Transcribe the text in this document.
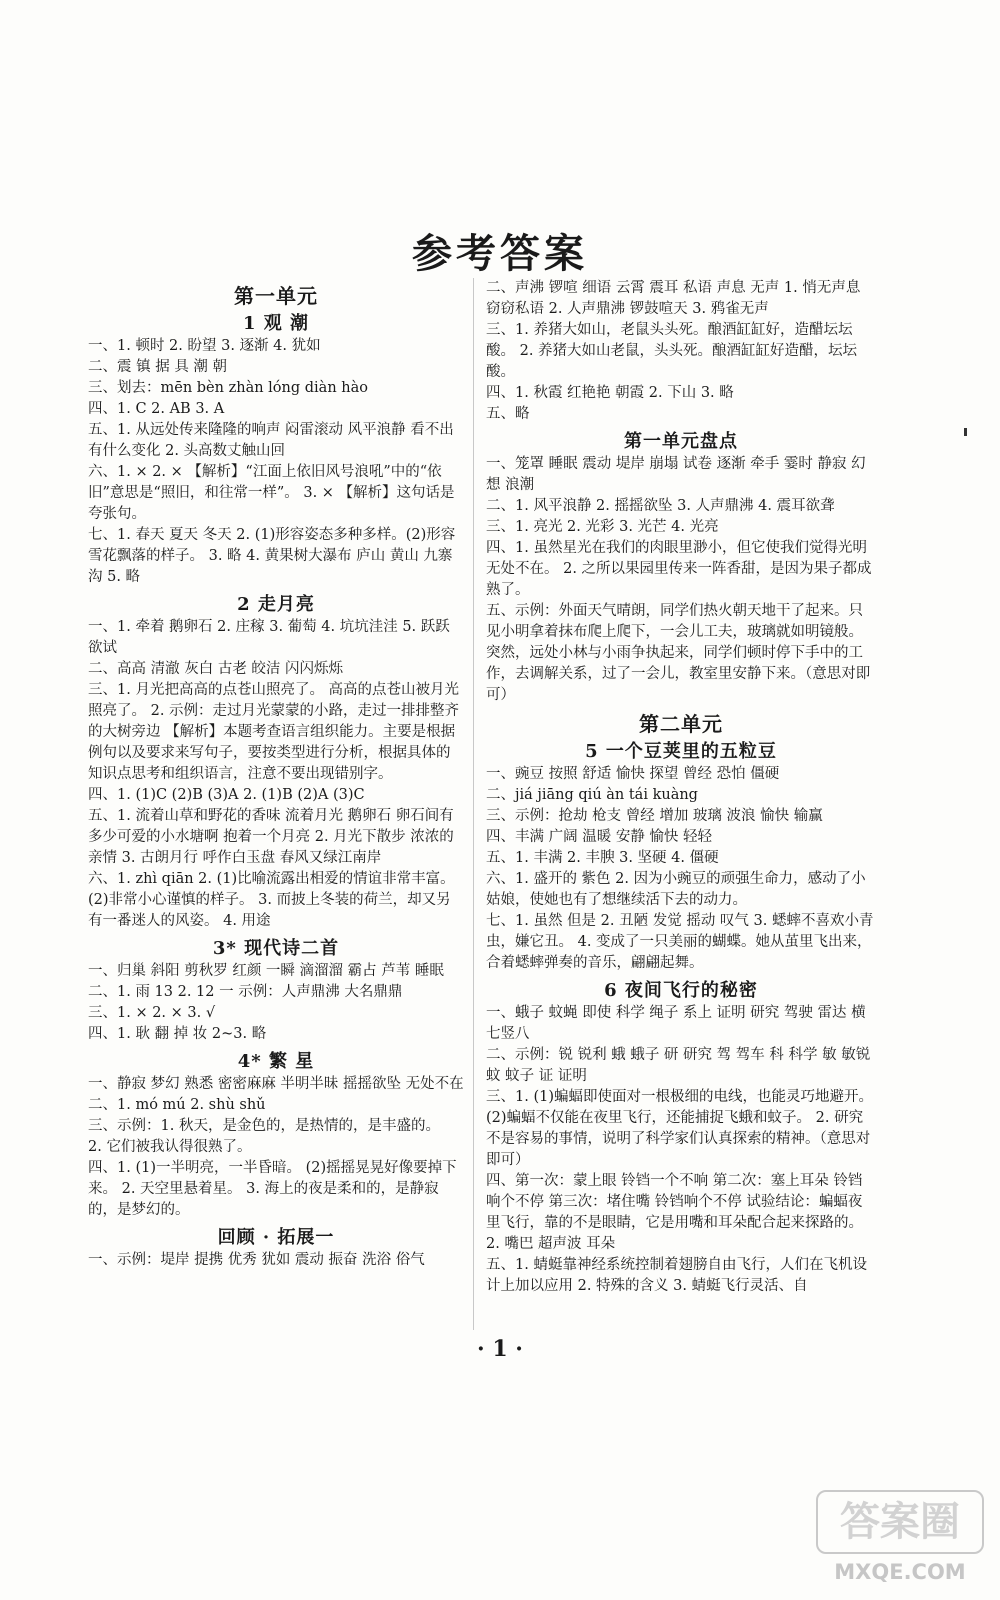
参考答案
第一单元
1 观 潮
一、1. 顿时 2. 盼望 3. 逐渐 4. 犹如
二、震 镇 据 具 潮 朝
三、划去：mēn bèn zhàn lóng diàn hào
四、1. C 2. AB 3. A
五、1. 从远处传来隆隆的响声 闷雷滚动 风平浪静 看不出有什么变化 2. 头高数丈触山回
六、1. × 2. × 【解析】“江面上依旧风号浪吼”中的“依旧”意思是“照旧，和往常一样”。 3. × 【解析】这句话是夸张句。
七、1. 春天 夏天 冬天 2. (1)形容姿态多种多样。(2)形容雪花飘落的样子。 3. 略 4. 黄果树大瀑布 庐山 黄山 九寨沟 5. 略
2 走月亮
一、1. 牵着 鹅卵石 2. 庄稼 3. 葡萄 4. 坑坑洼洼 5. 跃跃欲试
二、高高 清澈 灰白 古老 皎洁 闪闪烁烁
三、1. 月光把高高的点苍山照亮了。 高高的点苍山被月光照亮了。 2. 示例：走过月光蒙蒙的小路，走过一排排整齐的大树旁边 【解析】本题考查语言组织能力。主要是根据例句以及要求来写句子，要按类型进行分析，根据具体的知识点思考和组织语言，注意不要出现错别字。
四、1. (1)C (2)B (3)A 2. (1)B (2)A (3)C
五、1. 流着山草和野花的香味 流着月光 鹅卵石 卵石间有多少可爱的小水塘啊 抱着一个月亮 2. 月光下散步 浓浓的亲情 3. 古朗月行 呼作白玉盘 春风又绿江南岸
六、1. zhì qiān 2. (1)比喻流露出相爱的情谊非常丰富。(2)非常小心谨慎的样子。 3. 而披上冬装的荷兰，却又另有一番迷人的风姿。 4. 用途
3* 现代诗二首
一、归巢 斜阳 剪秋罗 红颜 一瞬 滴溜溜 霸占 芦苇 睡眠
二、1. 雨 13 2. 12 一 示例：人声鼎沸 大名鼎鼎
三、1. × 2. × 3. √
四、1. 耿 翻 掉 妆 2~3. 略
4* 繁 星
一、静寂 梦幻 熟悉 密密麻麻 半明半昧 摇摇欲坠 无处不在
二、1. mó mú 2. shù shǔ
三、示例：1. 秋天，是金色的，是热情的，是丰盛的。
2. 它们被我认得很熟了。
四、1. (1)一半明亮，一半昏暗。 (2)摇摇晃晃好像要掉下来。 2. 天空里悬着星。 3. 海上的夜是柔和的，是静寂的，是梦幻的。
回顾 · 拓展一
一、示例：堤岸 提携 优秀 犹如 震动 振奋 洗浴 俗气
二、声沸 锣喧 细语 云霄 震耳 私语 声息 无声 1. 悄无声息 窃窃私语 2. 人声鼎沸 锣鼓喧天 3. 鸦雀无声
三、1. 养猪大如山，老鼠头头死。酿酒缸缸好，造醋坛坛酸。 2. 养猪大如山老鼠，头头死。酿酒缸缸好造醋，坛坛酸。
四、1. 秋霞 红艳艳 朝霞 2. 下山 3. 略
五、略
第一单元盘点
一、笼罩 睡眠 震动 堤岸 崩塌 试卷 逐渐 牵手 霎时 静寂 幻想 浪潮
二、1. 风平浪静 2. 摇摇欲坠 3. 人声鼎沸 4. 震耳欲聋
三、1. 亮光 2. 光彩 3. 光芒 4. 光亮
四、1. 虽然星光在我们的肉眼里渺小，但它使我们觉得光明无处不在。 2. 之所以果园里传来一阵香甜，是因为果子都成熟了。
五、示例：外面天气晴朗，同学们热火朝天地干了起来。只见小明拿着抹布爬上爬下，一会儿工夫，玻璃就如明镜般。突然，远处小林与小雨争执起来，同学们顿时停下手中的工作，去调解关系，过了一会儿，教室里安静下来。（意思对即可）
第二单元
5 一个豆荚里的五粒豆
一、豌豆 按照 舒适 愉快 探望 曾经 恐怕 僵硬
二、jiá jiāng qiú àn tái kuàng
三、示例：抢劫 枪支 曾经 增加 玻璃 波浪 愉快 输赢
四、丰满 广阔 温暖 安静 愉快 轻轻
五、1. 丰满 2. 丰腴 3. 坚硬 4. 僵硬
六、1. 盛开的 紫色 2. 因为小豌豆的顽强生命力，感动了小姑娘，使她也有了想继续活下去的动力。
七、1. 虽然 但是 2. 丑陋 发觉 摇动 叹气 3. 蟋蟀不喜欢小青虫，嫌它丑。 4. 变成了一只美丽的蝴蝶。她从茧里飞出来，合着蟋蟀弹奏的音乐，翩翩起舞。
6 夜间飞行的秘密
一、蛾子 蚊蝇 即使 科学 绳子 系上 证明 研究 驾驶 雷达 横七竖八
二、示例：锐 锐利 蛾 蛾子 研 研究 驾 驾车 科 科学 敏 敏锐 蚊 蚊子 证 证明
三、1. (1)蝙蝠即使面对一根极细的电线，也能灵巧地避开。 (2)蝙蝠不仅能在夜里飞行，还能捕捉飞蛾和蚊子。 2. 研究不是容易的事情，说明了科学家们认真探索的精神。（意思对即可）
四、第一次：蒙上眼 铃铛一个不响 第二次：塞上耳朵 铃铛响个不停 第三次：堵住嘴 铃铛响个不停 试验结论：蝙蝠夜里飞行，靠的不是眼睛，它是用嘴和耳朵配合起来探路的。 2. 嘴巴 超声波 耳朵
五、1. 蜻蜓靠神经系统控制着翅膀自由飞行，人们在飞机设计上加以应用 2. 特殊的含义 3. 蜻蜓飞行灵活、自
· 1 ·
答案圈
MXQE.COM
